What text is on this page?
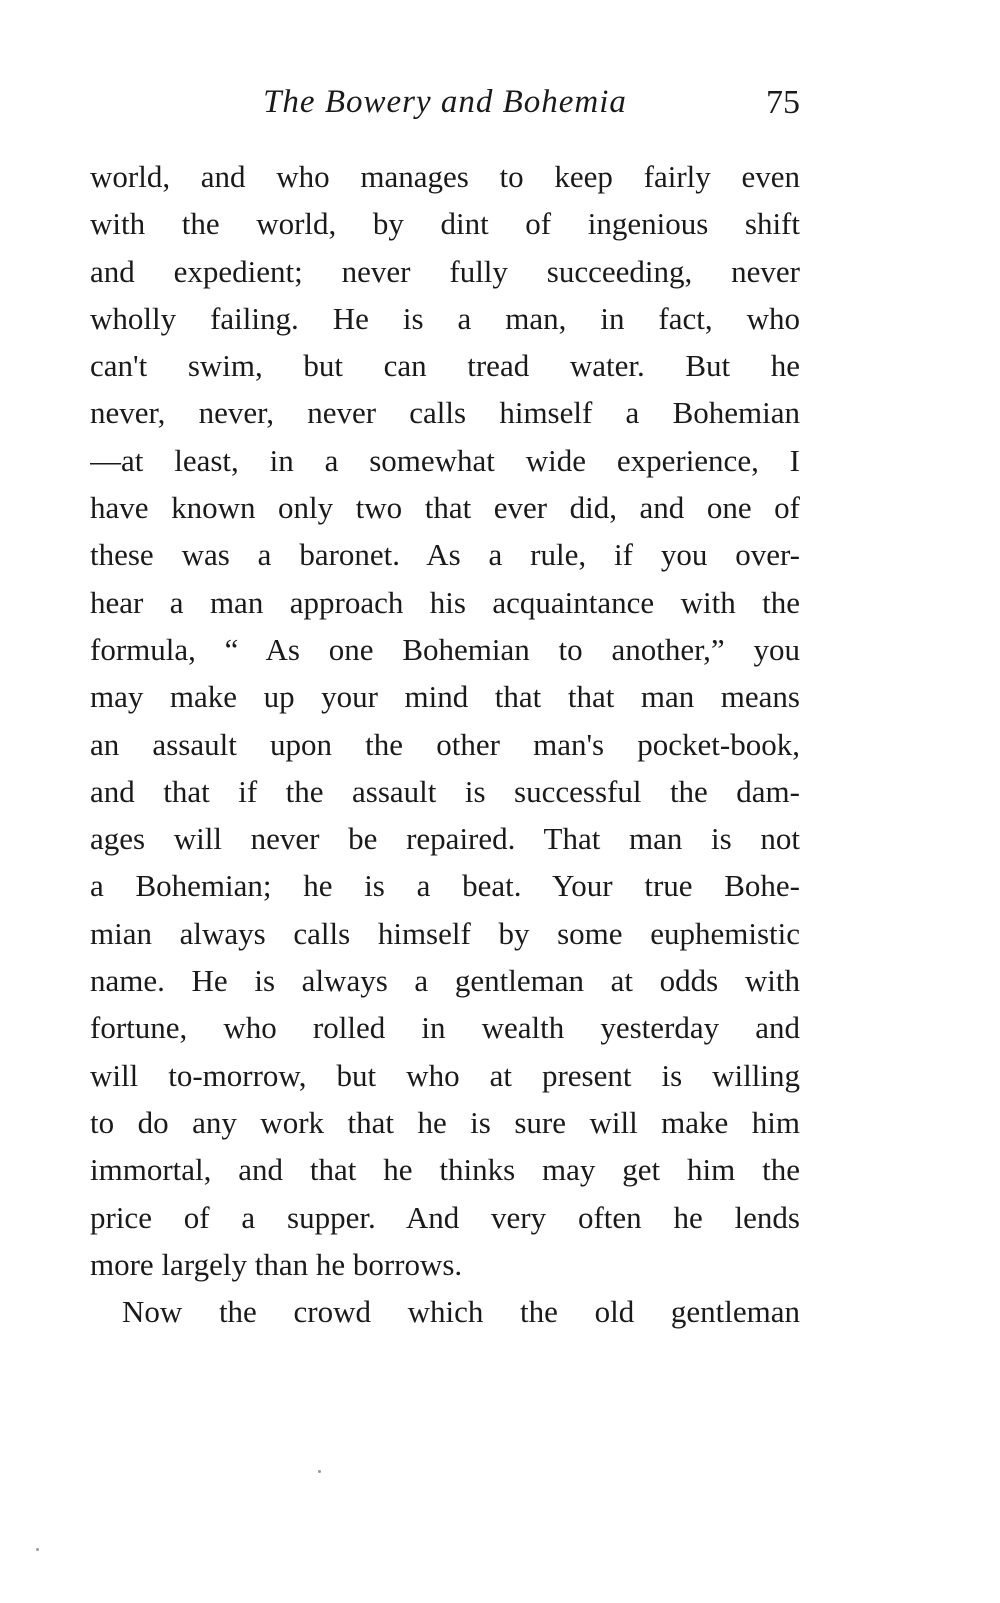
The Bowery and Bohemia	75
world, and who manages to keep fairly even
with the world, by dint of ingenious shift
and expedient; never fully succeeding, never
wholly failing. He is a man, in fact, who
can't swim, but can tread water. But he
never, never, never calls himself a Bohemian
—at least, in a somewhat wide experience, I
have known only two that ever did, and one of
these was a baronet. As a rule, if you over-
hear a man approach his acquaintance with the
formula, “ As one Bohemian to another,” you
may make up your mind that that man means
an assault upon the other man's pocket-book,
and that if the assault is successful the dam-
ages will never be repaired. That man is not
a Bohemian; he is a beat. Your true Bohe-
mian always calls himself by some euphemistic
name. He is always a gentleman at odds with
fortune, who rolled in wealth yesterday and
will to-morrow, but who at present is willing
to do any work that he is sure will make him
immortal, and that he thinks may get him the
price of a supper. And very often he lends
more largely than he borrows.
Now the crowd which the old gentleman
